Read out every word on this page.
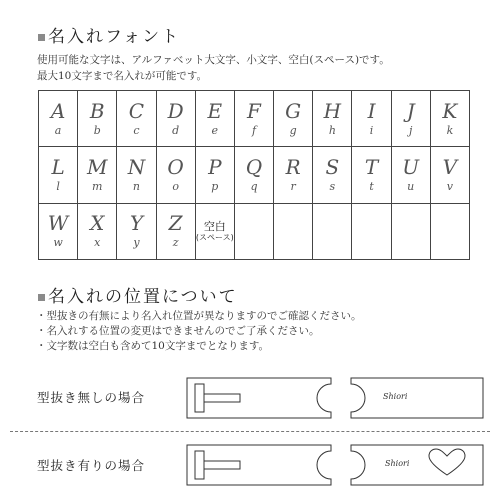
名入れフォント
使用可能な文字は、アルファベット大文字、小文字、空白(スペース)です。
最大10文字まで名入れが可能です。
A
a
B
b
C
c
D
d
E
e
F
f
G
g
H
h
I
i
J
j
K
k
L
l
M
m
N
n
O
o
P
p
Q
q
R
r
S
s
T
t
U
u
V
v
W
w
X
x
Y
y
Z
z
空白
(スペース)
名入れの位置について
・型抜きの有無により名入れ位置が異なりますのでご確認ください。
・名入れする位置の変更はできませんのでご了承ください。
・文字数は空白も含めて10文字までとなります。
型抜き無しの場合	Shiori
型抜き有りの場合	Shiori
